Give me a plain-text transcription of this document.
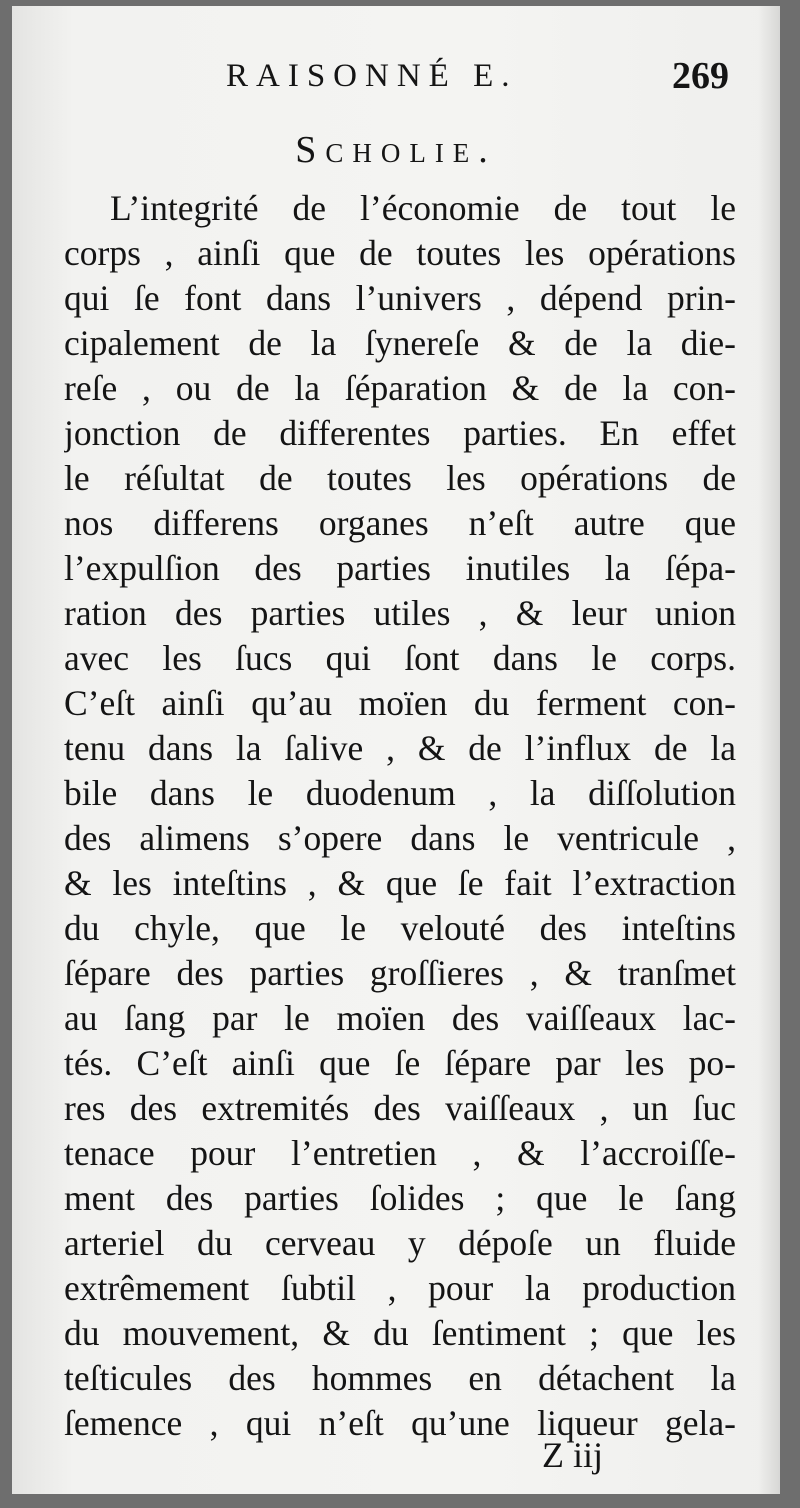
RAISONNÉ E.	269
Scholie.
L’integrité de l’économie de tout le
corps , ainſi que de toutes les opérations
qui ſe font dans l’univers , dépend prin-
cipalement de la ſynereſe & de la die-
reſe , ou de la ſéparation & de la con-
jonction de differentes parties. En effet
le réſultat de toutes les opérations de
nos differens organes n’eſt autre que
l’expulſion des parties inutiles la ſépa-
ration des parties utiles , & leur union
avec les ſucs qui ſont dans le corps.
C’eſt ainſi qu’au moïen du ferment con-
tenu dans la ſalive , & de l’influx de la
bile dans le duodenum , la diſſolution
des alimens s’opere dans le ventricule ,
& les inteſtins , & que ſe fait l’extraction
du chyle, que le velouté des inteſtins
ſépare des parties groſſieres , & tranſmet
au ſang par le moïen des vaiſſeaux lac-
tés. C’eſt ainſi que ſe ſépare par les po-
res des extremités des vaiſſeaux , un ſuc
tenace pour l’entretien , & l’accroiſſe-
ment des parties ſolides ; que le ſang
arteriel du cerveau y dépoſe un fluide
extrêmement ſubtil , pour la production
du mouvement, & du ſentiment ; que les
teſticules des hommes en détachent la
ſemence , qui n’eſt qu’une liqueur gela-
Z iij
